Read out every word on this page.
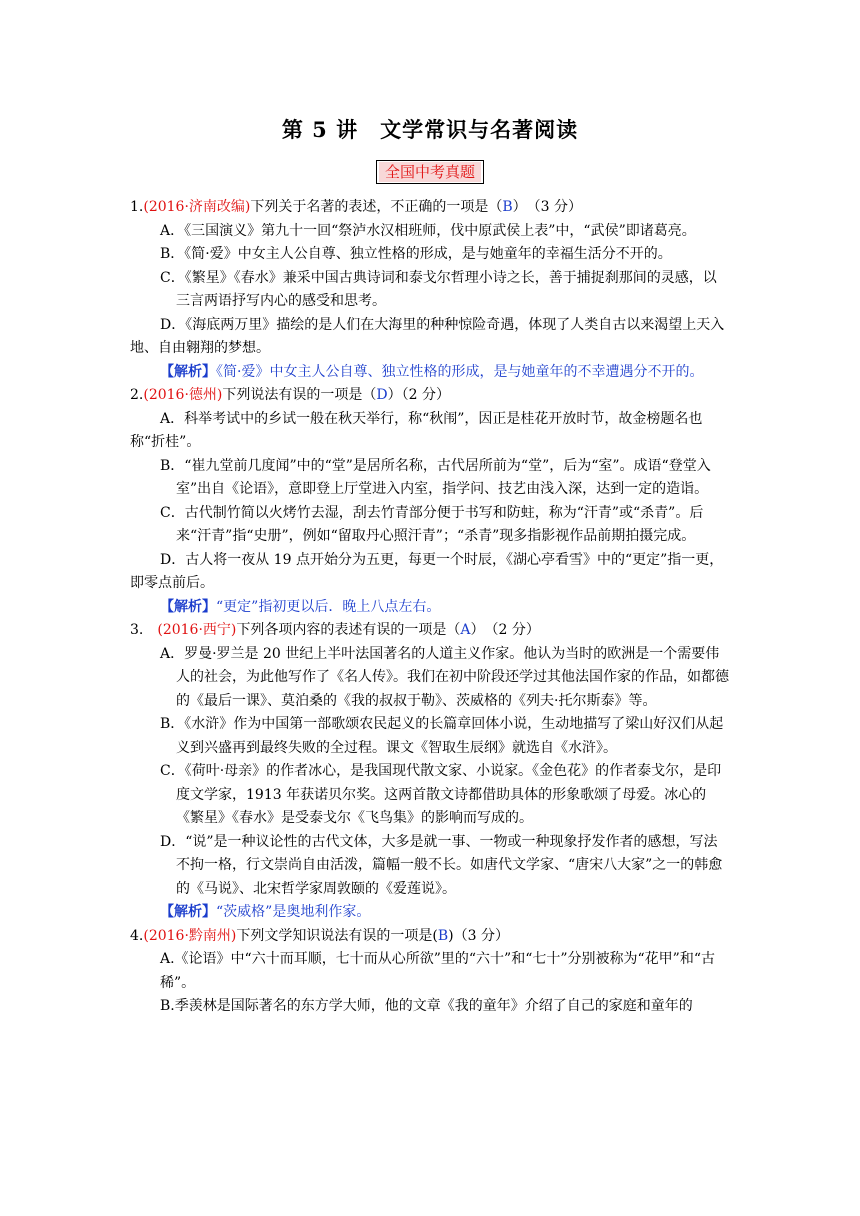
第 5 讲　文学常识与名著阅读
全国中考真题

1.(2016·济南改编)下列关于名著的表述，不正确的一项是（B）　（3 分）

A．《三国演义》第九十一回“祭泸水汉相班师，伐中原武侯上表”中，“武侯”即诸葛亮。

B．《简·爱》中女主人公自尊、独立性格的形成，是与她童年的幸福生活分不开的。

C．《繁星》《春水》兼采中国古典诗词和泰戈尔哲理小诗之长，善于捕捉刹那间的灵感，以三言两语抒写内心的感受和思考。

D．《海底两万里》描绘的是人们在大海里的种种惊险奇遇，体现了人类自古以来渴望上天入地、自由翱翔的梦想。

【解析】《简·爱》中女主人公自尊、独立性格的形成，是与她童年的不幸遭遇分不开的。

2.(2016·德州)下列说法有误的一项是（D）（2 分）

A．科举考试中的乡试一般在秋天举行，称“秋闱”，因正是桂花开放时节，故金榜题名也称“折桂”。

B．“崔九堂前几度闻”中的“堂”是居所名称，古代居所前为“堂”，后为“室”。成语“登堂入室”出自《论语》，意即登上厅堂进入内室，指学问、技艺由浅入深，达到一定的造诣。

C．古代制竹简以火烤竹去湿，刮去竹青部分便于书写和防蛀，称为“汗青”或“杀青”。后来“汗青”指“史册”，例如“留取丹心照汗青”；“杀青”现多指影视作品前期拍摄完成。

D．古人将一夜从 19 点开始分为五更，每更一个时辰，《湖心亭看雪》中的“更定”指一更，即零点前后。

【解析】“更定”指初更以后．晚上八点左右。

3.　 (2016·西宁)下列各项内容的表述有误的一项是（A）　（2 分）

A．罗曼·罗兰是 20 世纪上半叶法国著名的人道主义作家。他认为当时的欧洲是一个需要伟人的社会，为此他写作了《名人传》。我们在初中阶段还学过其他法国作家的作品，如都德的《最后一课》、莫泊桑的《我的叔叔于勒》、茨威格的《列夫·托尔斯泰》等。

B．《水浒》作为中国第一部歌颂农民起义的长篇章回体小说，生动地描写了梁山好汉们从起义到兴盛再到最终失败的全过程。课文《智取生辰纲》就选自《水浒》。

C．《荷叶·母亲》的作者冰心，是我国现代散文家、小说家。《金色花》的作者泰戈尔，是印度文学家，1913 年获诺贝尔奖。这两首散文诗都借助具体的形象歌颂了母爱。冰心的《繁星》《春水》是受泰戈尔《飞鸟集》的影响而写成的。

D．“说”是一种议论性的古代文体，大多是就一事、一物或一种现象抒发作者的感想，写法不拘一格，行文崇尚自由活泼，篇幅一般不长。如唐代文学家、“唐宋八大家”之一的韩愈的《马说》、北宋哲学家周敦颐的《爱莲说》。

【解析】“茨威格”是奥地利作家。

4.(2016·黔南州)下列文学知识说法有误的一项是(B)（3 分）

A.《论语》中“六十而耳顺，七十而从心所欲”里的“六十”和“七十”分别被称为“花甲”和“古稀”。

B.季羡林是国际著名的东方学大师，他的文章《我的童年》介绍了自己的家庭和童年的
